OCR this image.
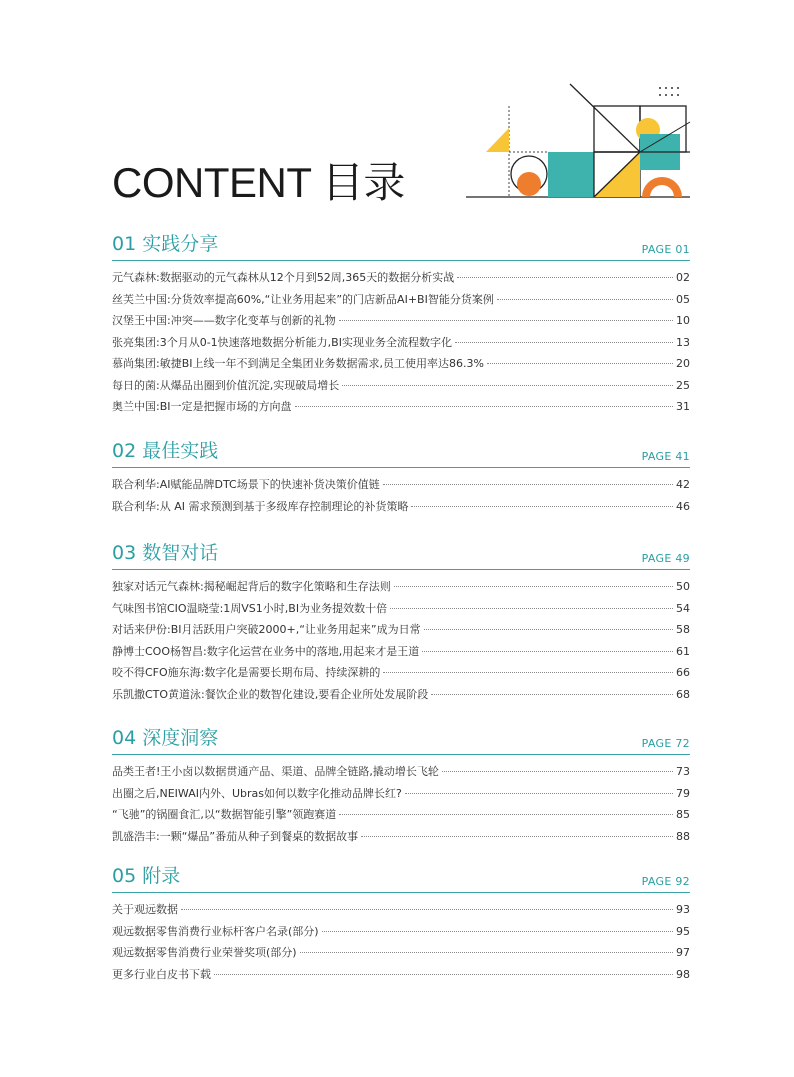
CONTENT 目录
01 实践分享	PAGE 01
元气森林:数据驱动的元气森林从12个月到52周,365天的数据分析实战	02
丝芙兰中国:分货效率提高60%,“让业务用起来”的门店新品AI+BI智能分货案例	05
汉堡王中国:冲突——数字化变革与创新的礼物	10
张亮集团:3个月从0-1快速落地数据分析能力,BI实现业务全流程数字化	13
慕尚集团:敏捷BI上线一年不到满足全集团业务数据需求,员工使用率达86.3%	20
每日的菌:从爆品出圈到价值沉淀,实现破局增长	25
奥兰中国:BI一定是把握市场的方向盘	31
02 最佳实践	PAGE 41
联合利华:AI赋能品牌DTC场景下的快速补货决策价值链	42
联合利华:从 AI 需求预测到基于多级库存控制理论的补货策略	46
03 数智对话	PAGE 49
独家对话元气森林:揭秘崛起背后的数字化策略和生存法则	50
气味图书馆CIO温晓莹:1周VS1小时,BI为业务提效数十倍	54
对话来伊份:BI月活跃用户突破2000+,“让业务用起来”成为日常	58
静博士COO杨智昌:数字化运营在业务中的落地,用起来才是王道	61
咬不得CFO施东海:数字化是需要长期布局、持续深耕的	66
乐凯撒CTO黄道泳:餐饮企业的数智化建设,要看企业所处发展阶段	68
04 深度洞察	PAGE 72
品类王者!王小卤以数据贯通产品、渠道、品牌全链路,撬动增长飞轮	73
出圈之后,NEIWAI内外、Ubras如何以数字化推动品牌长红?	79
“飞驰”的锅圈食汇,以“数据智能引擎”领跑赛道	85
凯盛浩丰:一颗“爆品”番茄从种子到餐桌的数据故事	88
05 附录	PAGE 92
关于观远数据	93
观远数据零售消费行业标杆客户名录(部分)	95
观远数据零售消费行业荣誉奖项(部分)	97
更多行业白皮书下载	98
